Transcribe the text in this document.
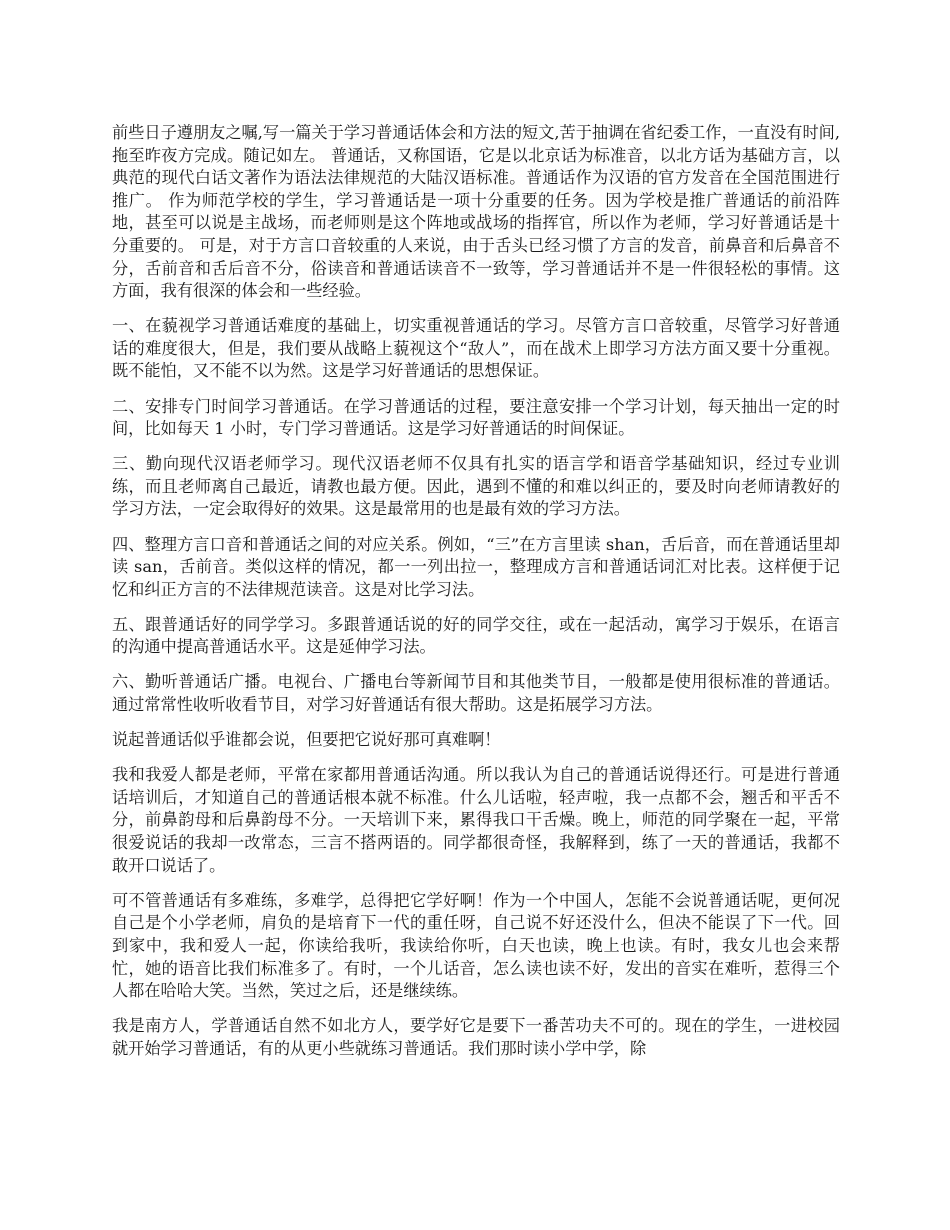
前些日子遵朋友之嘱,写一篇关于学习普通话体会和方法的短文,苦于抽调在省纪委工作，一直没有时间,拖至昨夜方完成。随记如左。 普通话，又称国语，它是以北京话为标准音，以北方话为基础方言，以典范的现代白话文著作为语法法律规范的大陆汉语标准。普通话作为汉语的官方发音在全国范围进行推广。 作为师范学校的学生，学习普通话是一项十分重要的任务。因为学校是推广普通话的前沿阵地，甚至可以说是主战场，而老师则是这个阵地或战场的指挥官，所以作为老师，学习好普通话是十分重要的。 可是，对于方言口音较重的人来说，由于舌头已经习惯了方言的发音，前鼻音和后鼻音不分，舌前音和舌后音不分，俗读音和普通话读音不一致等，学习普通话并不是一件很轻松的事情。这方面，我有很深的体会和一些经验。

一、在藐视学习普通话难度的基础上，切实重视普通话的学习。尽管方言口音较重，尽管学习好普通话的难度很大，但是，我们要从战略上藐视这个“敌人”，而在战术上即学习方法方面又要十分重视。既不能怕，又不能不以为然。这是学习好普通话的思想保证。

二、安排专门时间学习普通话。在学习普通话的过程，要注意安排一个学习计划，每天抽出一定的时间，比如每天 1 小时，专门学习普通话。这是学习好普通话的时间保证。

三、勤向现代汉语老师学习。现代汉语老师不仅具有扎实的语言学和语音学基础知识，经过专业训练，而且老师离自己最近，请教也最方便。因此，遇到不懂的和难以纠正的，要及时向老师请教好的学习方法，一定会取得好的效果。这是最常用的也是最有效的学习方法。

四、整理方言口音和普通话之间的对应关系。例如，“三”在方言里读 shan，舌后音，而在普通话里却读 san，舌前音。类似这样的情况，都一一列出拉一，整理成方言和普通话词汇对比表。这样便于记忆和纠正方言的不法律规范读音。这是对比学习法。

五、跟普通话好的同学学习。多跟普通话说的好的同学交往，或在一起活动，寓学习于娱乐，在语言的沟通中提高普通话水平。这是延伸学习法。

六、勤听普通话广播。电视台、广播电台等新闻节目和其他类节目，一般都是使用很标准的普通话。通过常常性收听收看节目，对学习好普通话有很大帮助。这是拓展学习方法。

说起普通话似乎谁都会说，但要把它说好那可真难啊！

我和我爱人都是老师，平常在家都用普通话沟通。所以我认为自己的普通话说得还行。可是进行普通话培训后，才知道自己的普通话根本就不标准。什么儿话啦，轻声啦，我一点都不会，翘舌和平舌不分，前鼻韵母和后鼻韵母不分。一天培训下来，累得我口干舌燥。晚上，师范的同学聚在一起，平常很爱说话的我却一改常态，三言不搭两语的。同学都很奇怪，我解释到，练了一天的普通话，我都不敢开口说话了。

可不管普通话有多难练，多难学，总得把它学好啊！作为一个中国人，怎能不会说普通话呢，更何况自己是个小学老师，肩负的是培育下一代的重任呀，自己说不好还没什么，但决不能误了下一代。回到家中，我和爱人一起，你读给我听，我读给你听，白天也读，晚上也读。有时，我女儿也会来帮忙，她的语音比我们标准多了。有时，一个儿话音，怎么读也读不好，发出的音实在难听，惹得三个人都在哈哈大笑。当然，笑过之后，还是继续练。

我是南方人，学普通话自然不如北方人，要学好它是要下一番苦功夫不可的。现在的学生，一进校园就开始学习普通话，有的从更小些就练习普通话。我们那时读小学中学，除
